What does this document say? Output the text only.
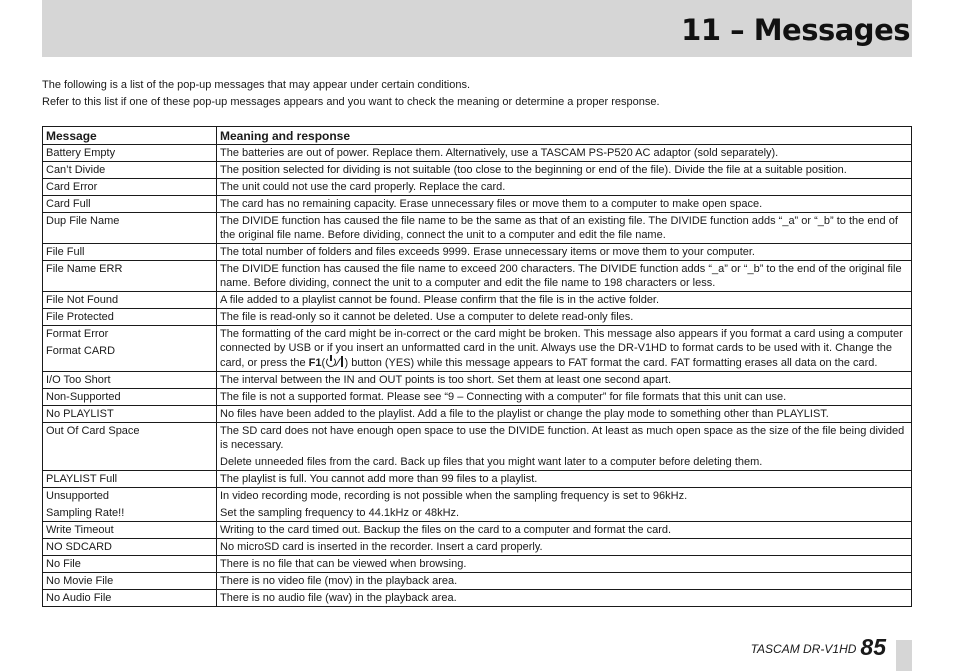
11 – Messages

The following is a list of the pop-up messages that may appear under certain conditions.

Refer to this list if one of these pop-up messages appears and you want to check the meaning or determine a proper response.

Message	Meaning and response

Battery Empty	The batteries are out of power. Replace them. Alternatively, use a TASCAM PS-P520 AC adaptor (sold separately).

Can’t Divide	The position selected for dividing is not suitable (too close to the beginning or end of the file). Divide the file at a suitable position.

Card Error	The unit could not use the card properly. Replace the card.

Card Full	The card has no remaining capacity. Erase unnecessary files or move them to a computer to make open space.

Dup File Name	The DIVIDE function has caused the file name to be the same as that of an existing file. The DIVIDE function adds “_a” or “_b” to the end of the original file name. Before dividing, connect the unit to a computer and edit the file name.

File Full	The total number of folders and files exceeds 9999. Erase unnecessary items or move them to your computer.

File Name ERR	The DIVIDE function has caused the file name to exceed 200 characters. The DIVIDE function adds “_a” or “_b” to the end of the original file name. Before dividing, connect the unit to a computer and edit the file name to 198 characters or less.

File Not Found	A file added to a playlist cannot be found. Please confirm that the file is in the active folder.

File Protected	The file is read-only so it cannot be deleted. Use a computer to delete read-only files.

Format Error
Format CARD	The formatting of the card might be in-correct or the card might be broken. This message also appears if you format a card using a computer connected by USB or if you insert an unformatted card in the unit. Always use the DR-V1HD to format cards to be used with it. Change the card, or press the F1( ∕ ) button (YES) while this message appears to FAT format the card. FAT formatting erases all data on the card.

I/O Too Short	The interval between the IN and OUT points is too short. Set them at least one second apart.

Non-Supported	The file is not a supported format. Please see “9 – Connecting with a computer” for file formats that this unit can use.

No PLAYLIST	No files have been added to the playlist. Add a file to the playlist or change the play mode to something other than PLAYLIST.

Out Of Card Space	The SD card does not have enough open space to use the DIVIDE function. At least as much open space as the size of the file being divided is necessary.
Delete unneeded files from the card. Back up files that you might want later to a computer before deleting them.

PLAYLIST Full	The playlist is full. You cannot add more than 99 files to a playlist.

Unsupported
Sampling Rate!!	In video recording mode, recording is not possible when the sampling frequency is set to 96kHz.
Set the sampling frequency to 44.1kHz or 48kHz.

Write Timeout	Writing to the card timed out. Backup the files on the card to a computer and format the card.

NO SDCARD	No microSD card is inserted in the recorder. Insert a card properly.

No File	There is no file that can be viewed when browsing.

No Movie File	There is no video file (mov) in the playback area.

No Audio File	There is no audio file (wav) in the playback area.
TASCAM DR-V1HD 85
